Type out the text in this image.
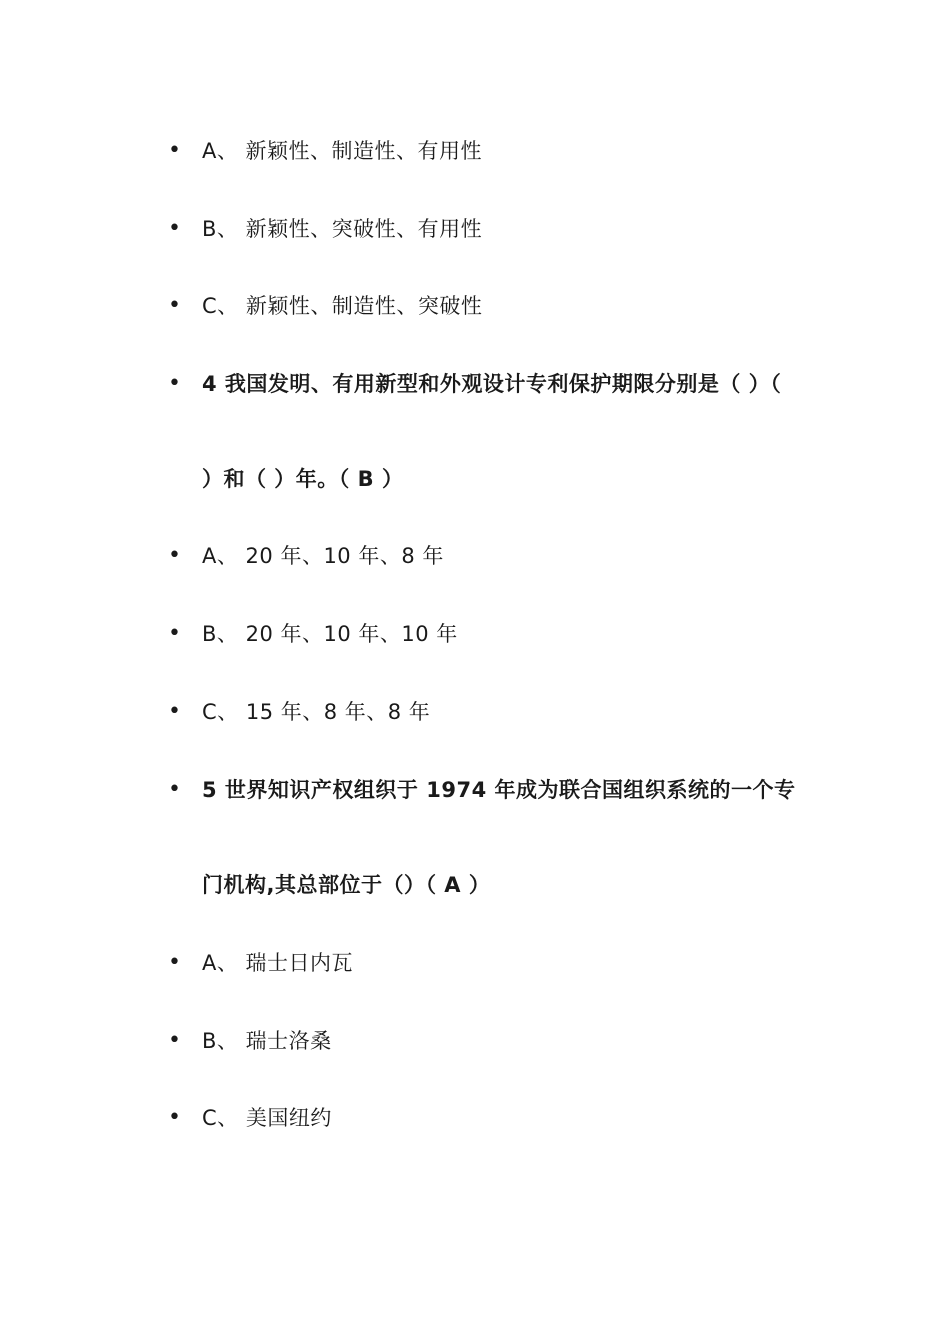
• A、 新颖性、制造性、有用性
• B、 新颖性、突破性、有用性
• C、 新颖性、制造性、突破性
• 4 我国发明、有用新型和外观设计专利保护期限分别是（ ）（
）和（ ）年。（ B ）
• A、 20 年、10 年、8 年
• B、 20 年、10 年、10 年
• C、 15 年、8 年、8 年
• 5 世界知识产权组织于 1974 年成为联合国组织系统的一个专
门机构,其总部位于（）（ A ）
• A、 瑞士日内瓦
• B、 瑞士洛桑
• C、 美国纽约
